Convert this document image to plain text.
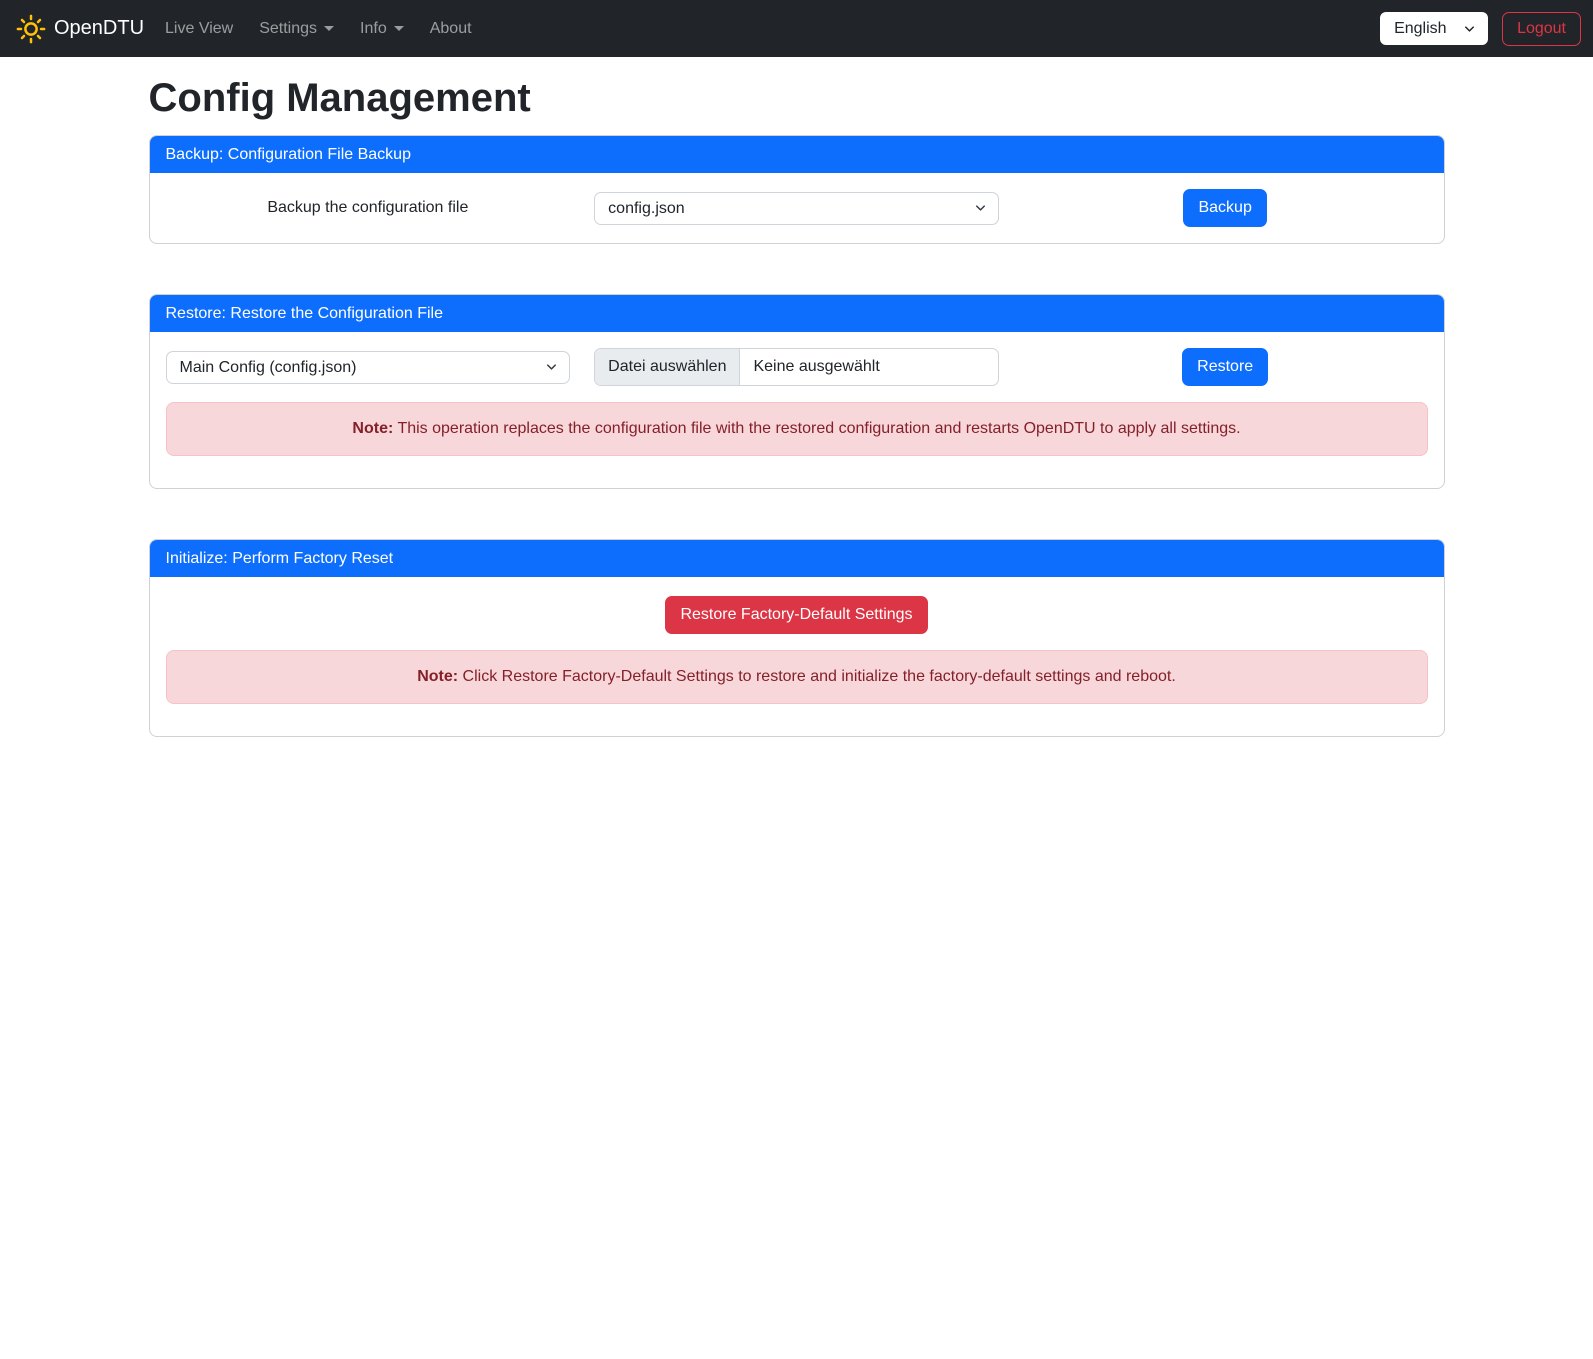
OpenDTU Live View Settings	Info	About
English	Logout
Config Management
Backup: Configuration File Backup
Backup the configuration file
config.json	Backup
Restore: Restore the Configuration File
Main Config (config.json)
Datei auswählen	Keine ausgewählt	Restore
Note: This operation replaces the configuration file with the restored configuration and restarts OpenDTU to apply all settings.
Initialize: Perform Factory Reset
Restore Factory-Default Settings
Note: Click Restore Factory-Default Settings to restore and initialize the factory-default settings and reboot.
